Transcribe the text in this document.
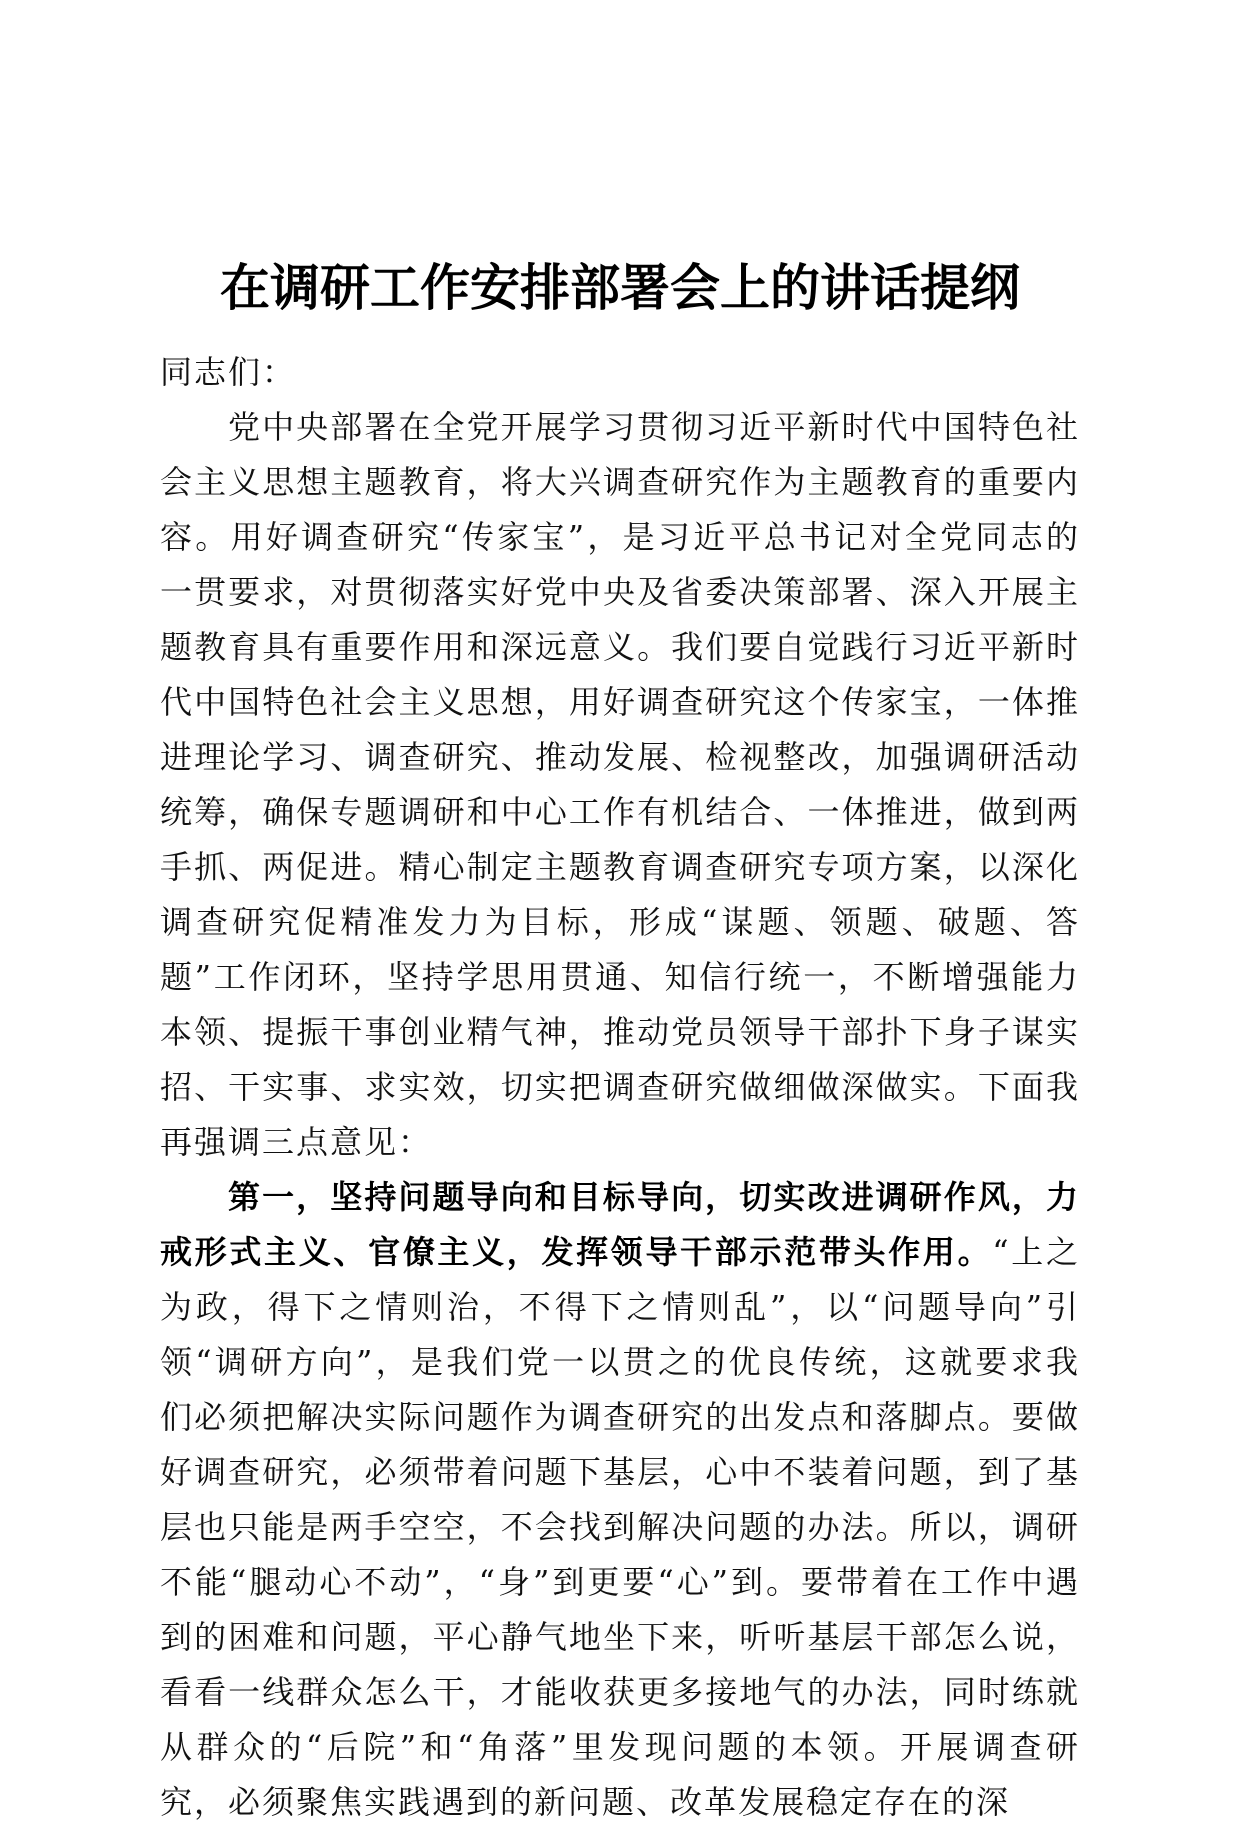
在调研工作安排部署会上的讲话提纲

同志们：

党中央部署在全党开展学习贯彻习近平新时代中国特色社会主义思想主题教育，将大兴调查研究作为主题教育的重要内容。用好调查研究“传家宝”，是习近平总书记对全党同志的一贯要求，对贯彻落实好党中央及省委决策部署、深入开展主题教育具有重要作用和深远意义。我们要自觉践行习近平新时代中国特色社会主义思想，用好调查研究这个传家宝，一体推进理论学习、调查研究、推动发展、检视整改，加强调研活动统筹，确保专题调研和中心工作有机结合、一体推进，做到两手抓、两促进。精心制定主题教育调查研究专项方案，以深化调查研究促精准发力为目标，形成“谋题、领题、破题、答题”工作闭环，坚持学思用贯通、知信行统一，不断增强能力本领、提振干事创业精气神，推动党员领导干部扑下身子谋实招、干实事、求实效，切实把调查研究做细做深做实。下面我再强调三点意见：

第一，坚持问题导向和目标导向，切实改进调研作风，力戒形式主义、官僚主义，发挥领导干部示范带头作用。“上之为政，得下之情则治，不得下之情则乱”，以“问题导向”引领“调研方向”，是我们党一以贯之的优良传统，这就要求我们必须把解决实际问题作为调查研究的出发点和落脚点。要做好调查研究，必须带着问题下基层，心中不装着问题，到了基层也只能是两手空空，不会找到解决问题的办法。所以，调研不能“腿动心不动”，“身”到更要“心”到。要带着在工作中遇到的困难和问题，平心静气地坐下来，听听基层干部怎么说，看看一线群众怎么干，才能收获更多接地气的办法，同时练就从群众的“后院”和“角落”里发现问题的本领。开展调查研究，必须聚焦实践遇到的新问题、改革发展稳定存在的深
